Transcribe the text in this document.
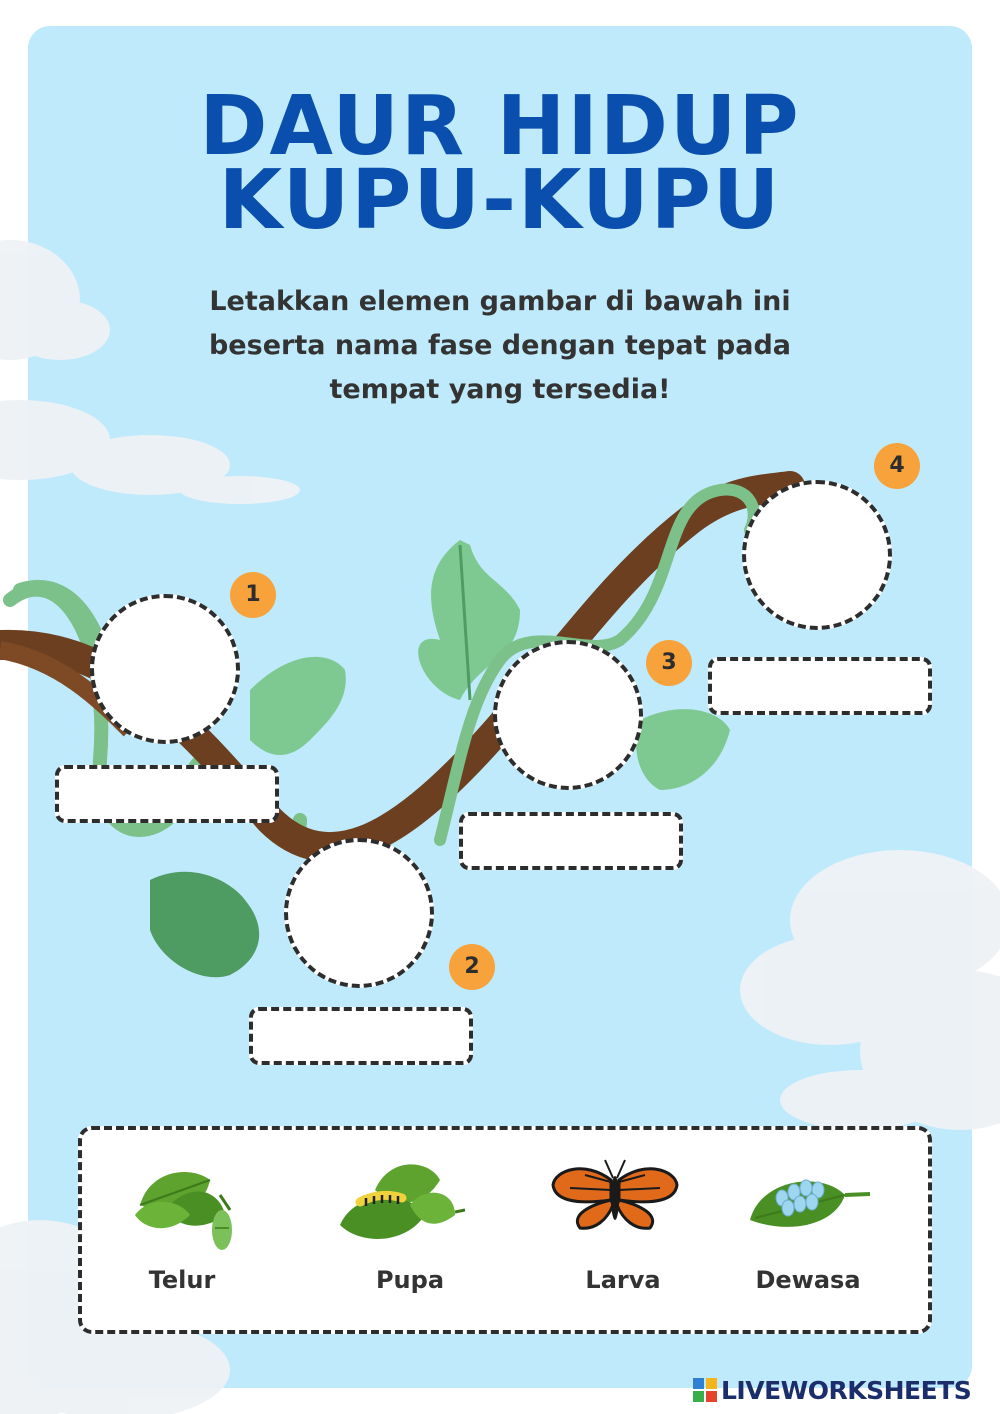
DAUR HIDUP
KUPU-KUPU
Letakkan elemen gambar di bawah ini
beserta nama fase dengan tepat pada
tempat yang tersedia!
1
2
3
4
Telur	Pupa	Larva	Dewasa
LIVEWORKSHEETS
